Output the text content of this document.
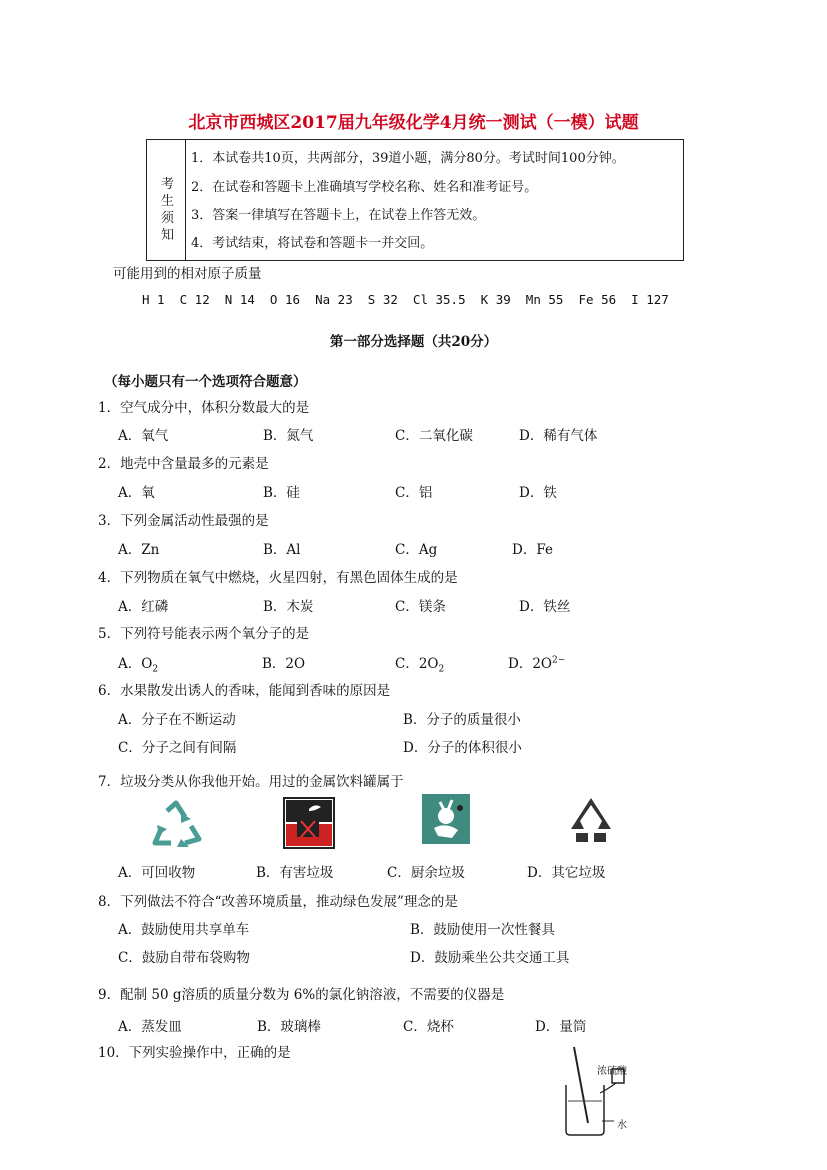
北京市西城区2017届九年级化学4月统一测试（一模）试题
考
生
须
知
1．本试卷共10页，共两部分，39道小题，满分80分。考试时间100分钟。
2．在试卷和答题卡上准确填写学校名称、姓名和准考证号。
3．答案一律填写在答题卡上，在试卷上作答无效。
4．考试结束，将试卷和答题卡一并交回。
可能用到的相对原子质量
H 1  C 12  N 14  O 16  Na 23  S 32  Cl 35.5  K 39  Mn 55  Fe 56  I 127
第一部分选择题（共20分）
（每小题只有一个选项符合题意）
1．空气成分中，体积分数最大的是
A．氧气	B．氮气	C．二氧化碳	D．稀有气体
2．地壳中含量最多的元素是
A．氧	B．硅	C．铝	D．铁
3．下列金属活动性最强的是
A．Zn	B．Al	C．Ag	D．Fe
4．下列物质在氧气中燃烧，火星四射，有黑色固体生成的是
A．红磷	B．木炭	C．镁条	D．铁丝
5．下列符号能表示两个氧分子的是
A．$O_2$	B．2O	C．$2O_2$	D．$2O^{2-}$
6．水果散发出诱人的香味，能闻到香味的原因是
A．分子在不断运动	B．分子的质量很小
C．分子之间有间隔	D．分子的体积很小
7．垃圾分类从你我他开始。用过的金属饮料罐属于
A．可回收物	B．有害垃圾	C．厨余垃圾	D．其它垃圾
8．下列做法不符合“改善环境质量，推动绿色发展”理念的是
A．鼓励使用共享单车	B．鼓励使用一次性餐具
C．鼓励自带布袋购物	D．鼓励乘坐公共交通工具
9．配制 50 g溶质的质量分数为 6%的氯化钠溶液，不需要的仪器是
A．蒸发皿	B．玻璃棒	C．烧杯	D．量筒
10．下列实验操作中，正确的是
浓硫酸
水
